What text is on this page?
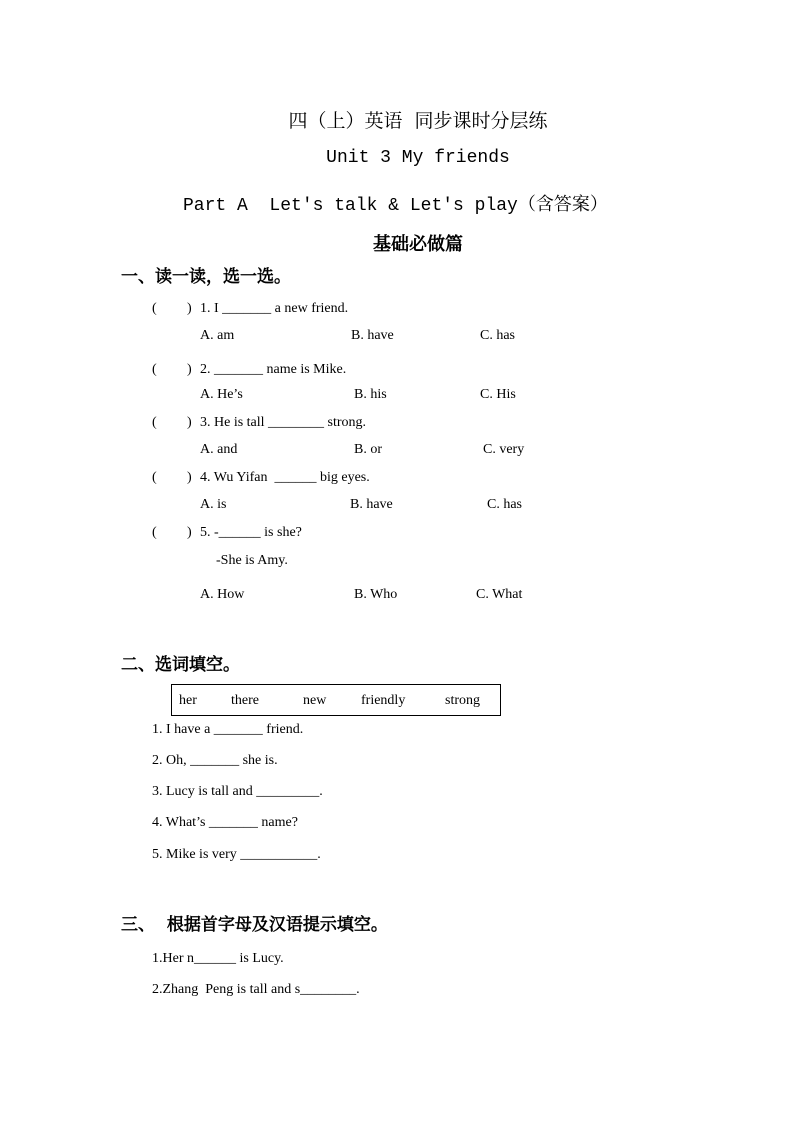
四（上）英语  同步课时分层练
Unit 3 My friends
Part A  Let's talk & Let's play（含答案）
基础必做篇
一、读一读，选一选。
( ) 1. I _______ a new friend.
A. am	B. have	C. has
( ) 2. _______ name is Mike.
A. He’s	B. his	C. His
( ) 3. He is tall ________ strong.
A. and	B. or	C. very
( ) 4. Wu Yifan  ______ big eyes.
A. is	B. have	C. has
( ) 5. -______ is she?
-She is Amy.
A. How	B. Who	C. What
二、选词填空。
her there	new friendly	strong
1. I have a _______ friend.
2. Oh, _______ she is.
3. Lucy is tall and _________.
4. What’s _______ name?
5. Mike is very ___________.
三、  根据首字母及汉语提示填空。
1.Her n______ is Lucy.
2.Zhang  Peng is tall and s________.
